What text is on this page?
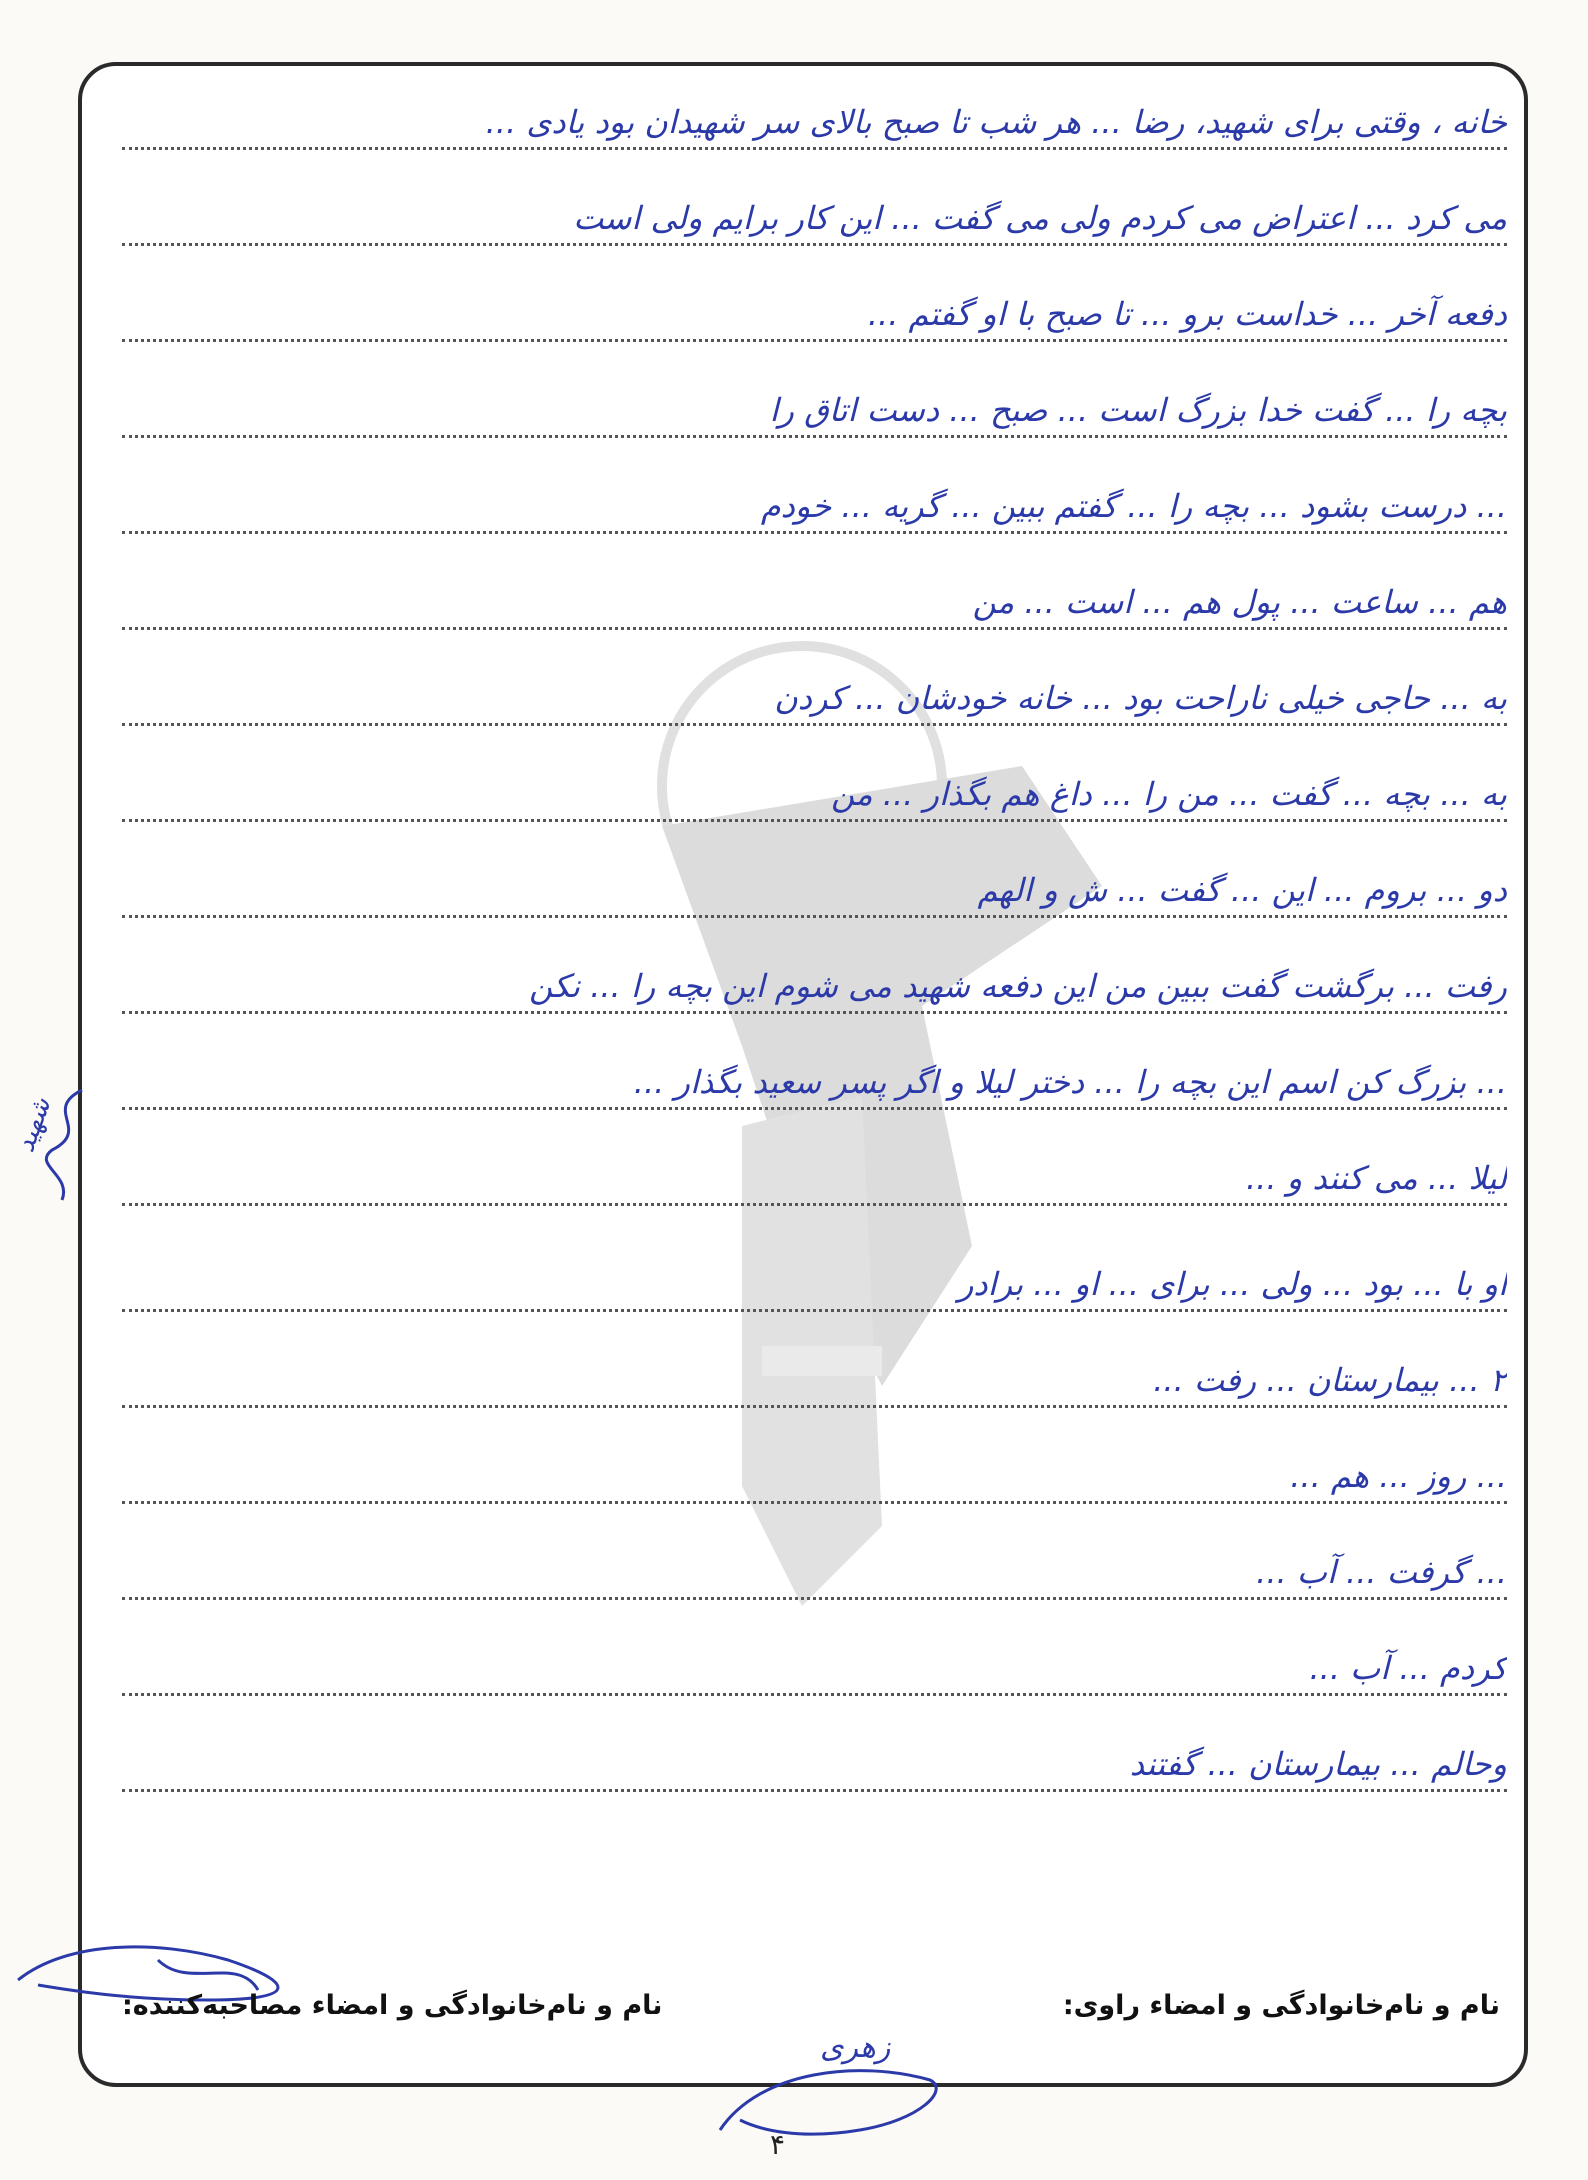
خانه ، وقتی برای شهید، رضا ... هر شب تا صبح بالای سر شهیدان بود یادی ...
می کرد ... اعتراض می کردم ولی می گفت ... این کار برایم ولی است
دفعه آخر ... خداست برو ... تا صبح با او گفتم ...
بچه را ... گفت خدا بزرگ است ... صبح ... دست اتاق را
... درست بشود ... بچه را ... گفتم ببین ... گریه ... خودم
هم ... ساعت ... پول هم ... است ... من
به ... حاجی خیلی ناراحت بود ... خانه خودشان ... کردن
به ... بچه ... گفت ... من را ... داغ هم بگذار ... من
دو ... بروم ... این ... گفت ... ش و الهم
رفت ... برگشت گفت ببین من این دفعه شهید می شوم این بچه را ... نکن
... بزرگ کن اسم این بچه را ... دختر لیلا و اگر پسر سعید بگذار ...
لیلا ... می کنند و ...
او با ... بود ... ولی ... برای ... او ... برادر
۲ ... بیمارستان ... رفت ...
... روز ... هم ...
... گرفت ... آب ...
کردم ... آب ...
وحالم ... بیمارستان ... گفتند
نام و نام‌خانوادگی و امضاء راوی:
نام و نام‌خانوادگی و امضاء مصاحبه‌کننده:
زهری
۴
شهید
